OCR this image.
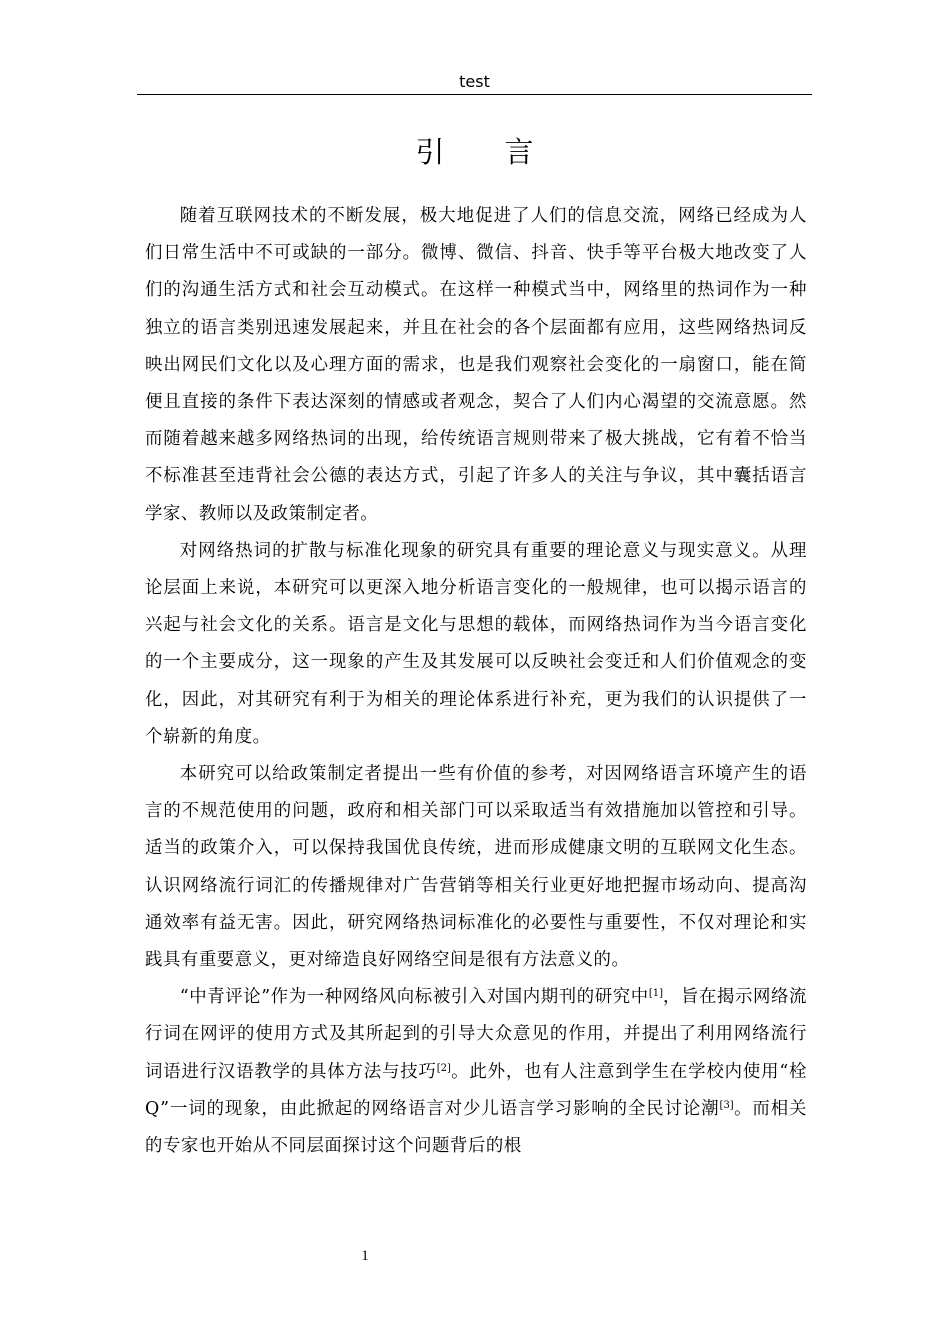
test
引 言

随着互联网技术的不断发展，极大地促进了人们的信息交流，网络已经成为人们日常生活中不可或缺的一部分。微博、微信、抖音、快手等平台极大地改变了人们的沟通生活方式和社会互动模式。在这样一种模式当中，网络里的热词作为一种独立的语言类别迅速发展起来，并且在社会的各个层面都有应用，这些网络热词反映出网民们文化以及心理方面的需求，也是我们观察社会变化的一扇窗口，能在简便且直接的条件下表达深刻的情感或者观念，契合了人们内心渴望的交流意愿。然而随着越来越多网络热词的出现，给传统语言规则带来了极大挑战，它有着不恰当不标准甚至违背社会公德的表达方式，引起了许多人的关注与争议，其中囊括语言学家、教师以及政策制定者。

对网络热词的扩散与标准化现象的研究具有重要的理论意义与现实意义。从理论层面上来说，本研究可以更深入地分析语言变化的一般规律，也可以揭示语言的兴起与社会文化的关系。语言是文化与思想的载体，而网络热词作为当今语言变化的一个主要成分，这一现象的产生及其发展可以反映社会变迁和人们价值观念的变化，因此，对其研究有利于为相关的理论体系进行补充，更为我们的认识提供了一个崭新的角度。

本研究可以给政策制定者提出一些有价值的参考，对因网络语言环境产生的语言的不规范使用的问题，政府和相关部门可以采取适当有效措施加以管控和引导。适当的政策介入，可以保持我国优良传统，进而形成健康文明的互联网文化生态。认识网络流行词汇的传播规律对广告营销等相关行业更好地把握市场动向、提高沟通效率有益无害。因此，研究网络热词标准化的必要性与重要性，不仅对理论和实践具有重要意义，更对缔造良好网络空间是很有方法意义的。

“中青评论”作为一种网络风向标被引入对国内期刊的研究中[1]，旨在揭示网络流行词在网评的使用方式及其所起到的引导大众意见的作用，并提出了利用网络流行词语进行汉语教学的具体方法与技巧[2]。此外，也有人注意到学生在学校内使用“栓Q”一词的现象，由此掀起的网络语言对少儿语言学习影响的全民讨论潮[3]。而相关的专家也开始从不同层面探讨这个问题背后的根

1
